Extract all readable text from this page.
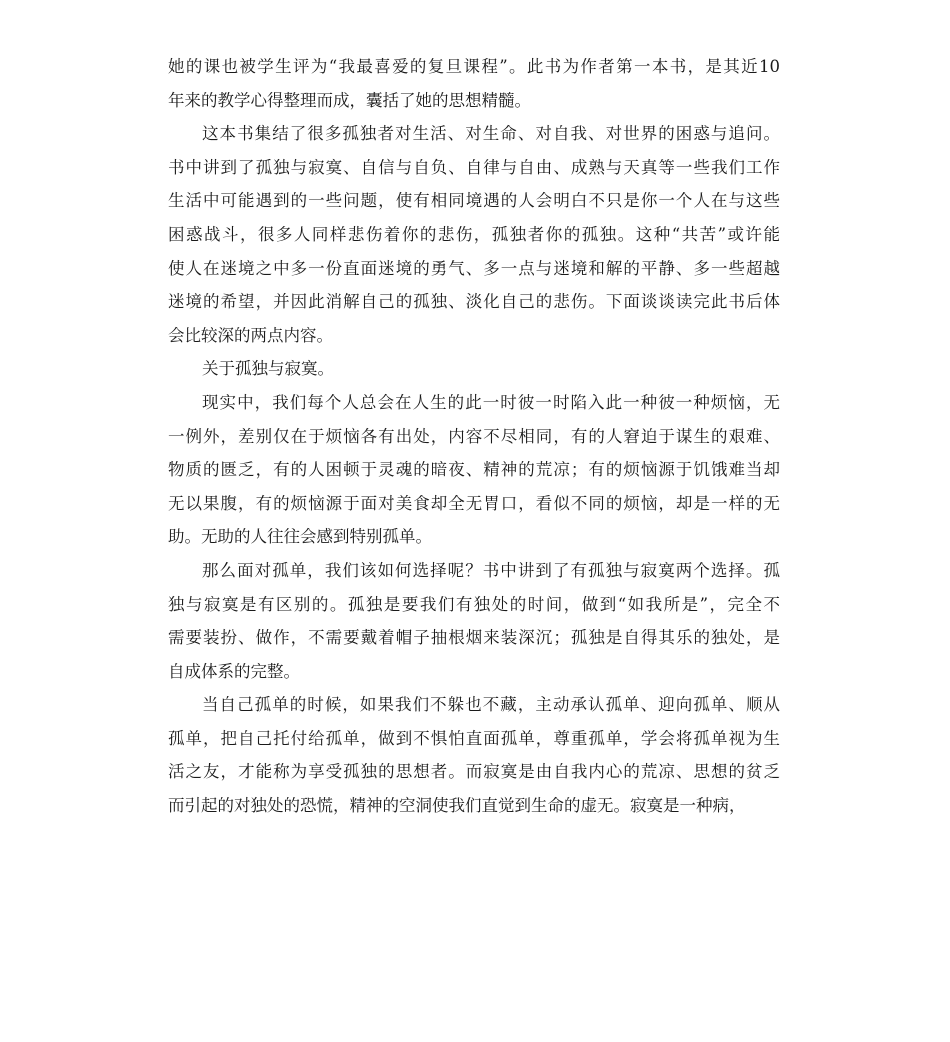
她的课也被学生评为“我最喜爱的复旦课程”。此书为作者第一本书，是其近10
年来的教学心得整理而成，囊括了她的思想精髓。
这本书集结了很多孤独者对生活、对生命、对自我、对世界的困惑与追问。
书中讲到了孤独与寂寞、自信与自负、自律与自由、成熟与天真等一些我们工作
生活中可能遇到的一些问题，使有相同境遇的人会明白不只是你一个人在与这些
困惑战斗，很多人同样悲伤着你的悲伤，孤独者你的孤独。这种“共苦”或许能
使人在迷境之中多一份直面迷境的勇气、多一点与迷境和解的平静、多一些超越
迷境的希望，并因此消解自己的孤独、淡化自己的悲伤。下面谈谈读完此书后体
会比较深的两点内容。
关于孤独与寂寞。
现实中，我们每个人总会在人生的此一时彼一时陷入此一种彼一种烦恼，无
一例外，差别仅在于烦恼各有出处，内容不尽相同，有的人窘迫于谋生的艰难、
物质的匮乏，有的人困顿于灵魂的暗夜、精神的荒凉；有的烦恼源于饥饿难当却
无以果腹，有的烦恼源于面对美食却全无胃口，看似不同的烦恼，却是一样的无
助。无助的人往往会感到特别孤单。
那么面对孤单，我们该如何选择呢？书中讲到了有孤独与寂寞两个选择。孤
独与寂寞是有区别的。孤独是要我们有独处的时间，做到“如我所是”，完全不
需要装扮、做作，不需要戴着帽子抽根烟来装深沉；孤独是自得其乐的独处，是
自成体系的完整。
当自己孤单的时候，如果我们不躲也不藏，主动承认孤单、迎向孤单、顺从
孤单，把自己托付给孤单，做到不惧怕直面孤单，尊重孤单，学会将孤单视为生
活之友，才能称为享受孤独的思想者。而寂寞是由自我内心的荒凉、思想的贫乏
而引起的对独处的恐慌，精神的空洞使我们直觉到生命的虚无。寂寞是一种病，
